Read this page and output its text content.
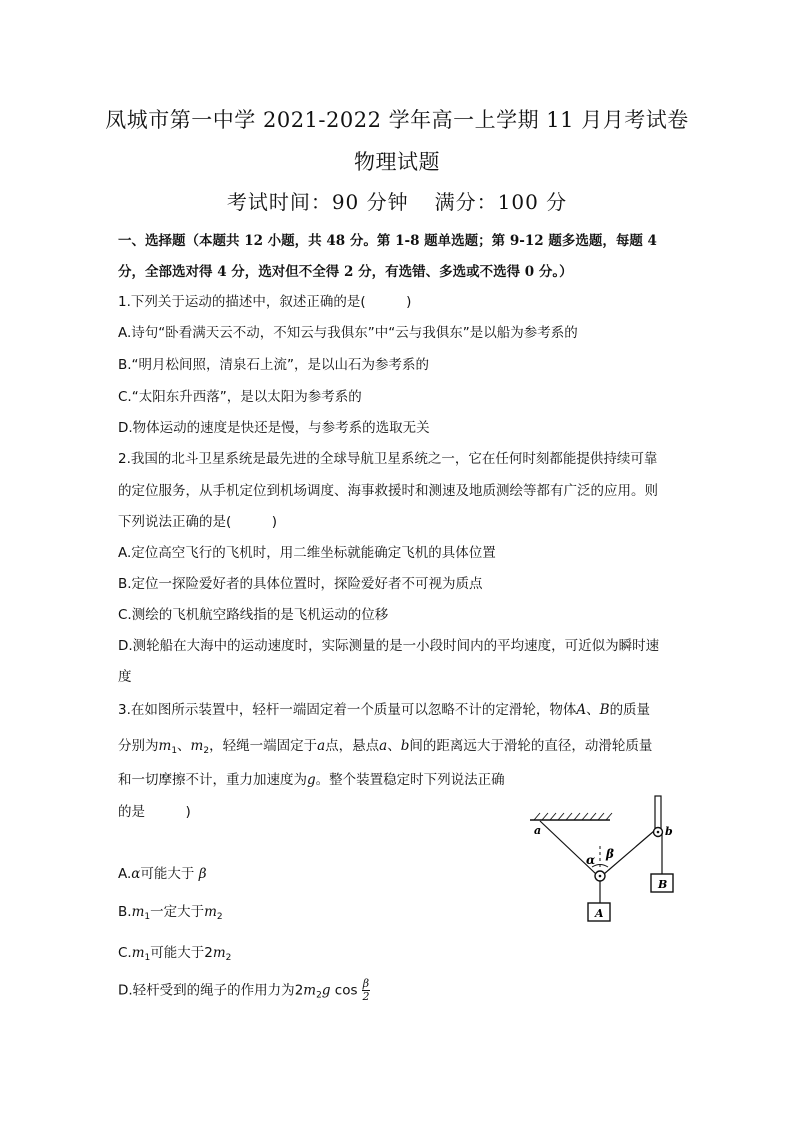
凤城市第一中学 2021-2022 学年高一上学期 11 月月考试卷
物理试题
考试时间：90 分钟 满分：100 分
一、选择题（本题共 12 小题，共 48 分。第 1-8 题单选题；第 9-12 题多选题，每题 4 分，全部选对得 4 分，选对但不全得 2 分，有选错、多选或不选得 0 分。）
1.下列关于运动的描述中，叙述正确的是(　　　)
A.诗句“卧看满天云不动，不知云与我俱东”中“云与我俱东”是以船为参考系的
B.“明月松间照，清泉石上流”，是以山石为参考系的
C.“太阳东升西落”，是以太阳为参考系的
D.物体运动的速度是快还是慢，与参考系的选取无关
2.我国的北斗卫星系统是最先进的全球导航卫星系统之一，它在任何时刻都能提供持续可靠
的定位服务，从手机定位到机场调度、海事救援时和测速及地质测绘等都有广泛的应用。则
下列说法正确的是(　　　)
A.定位高空飞行的飞机时，用二维坐标就能确定飞机的具体位置
B.定位一探险爱好者的具体位置时，探险爱好者不可视为质点
C.测绘的飞机航空路线指的是飞机运动的位移
D.测轮船在大海中的运动速度时，实际测量的是一小段时间内的平均速度，可近似为瞬时速
度
3.在如图所示装置中，轻杆一端固定着一个质量可以忽略不计的定滑轮，物体A、B的质量
分别为$m_1$、$m_2$，轻绳一端固定于a点，悬点a、b间的距离远大于滑轮的直径，动滑轮质量
和一切摩擦不计，重力加速度为g。整个装置稳定时下列说法正确
的是　　　)
A.α可能大于 β
$B.m_1$一定大于$m_2$
$C.m_1$可能大于$2m_2$
D.轻杆受到的绳子的作用力为$2m_2g$ $\cos \frac{\beta}{2}$
a	b
α β
A
B
